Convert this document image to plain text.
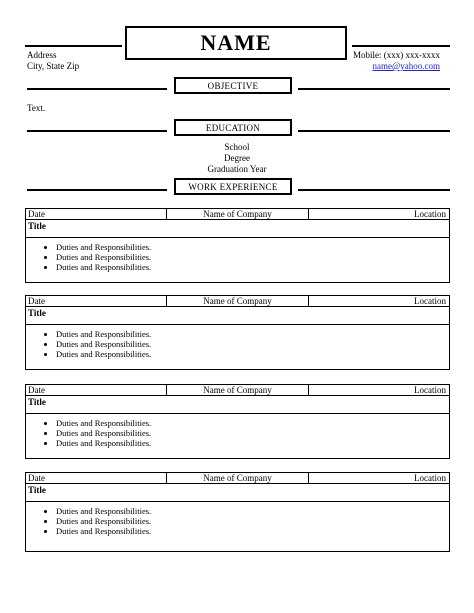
NAME
Address
City, State Zip
Mobile: (xxx) xxx-xxxx
name@yahoo.com
OBJECTIVE
Text.
EDUCATION
School
Degree
Graduation Year
WORK EXPERIENCE
Date	Name of Company	Location
Title
• Duties and Responsibilities.
• Duties and Responsibilities.
• Duties and Responsibilities.
Date	Name of Company	Location
Title
• Duties and Responsibilities.
• Duties and Responsibilities.
• Duties and Responsibilities.
Date	Name of Company	Location
Title
• Duties and Responsibilities.
• Duties and Responsibilities.
• Duties and Responsibilities.
Date	Name of Company	Location
Title
• Duties and Responsibilities.
• Duties and Responsibilities.
• Duties and Responsibilities.
